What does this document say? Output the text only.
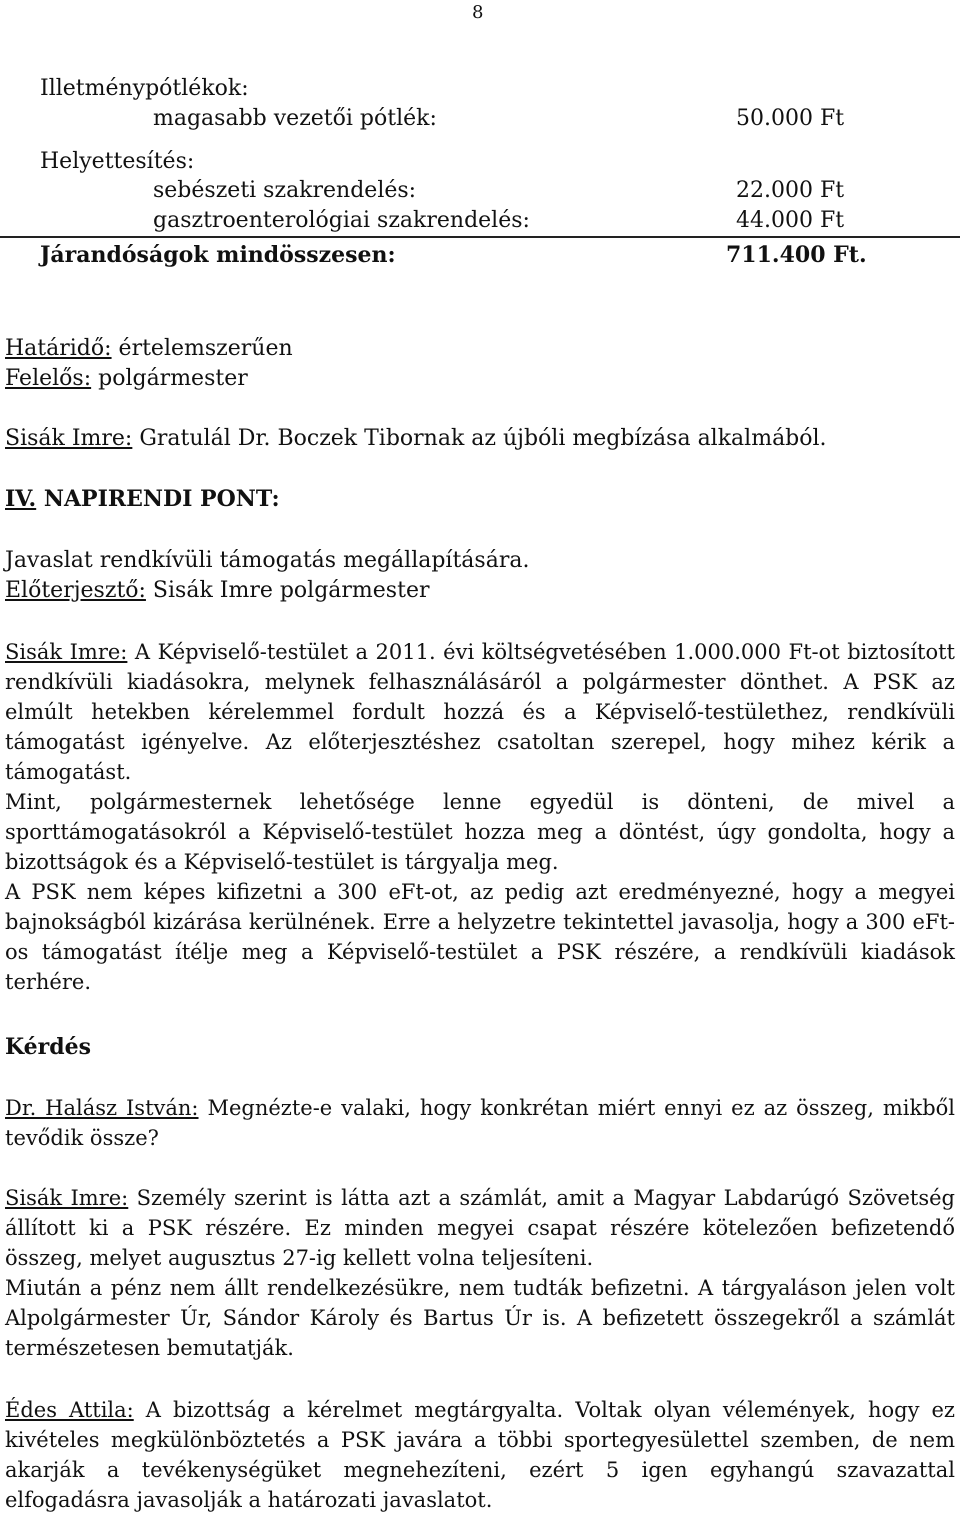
8
Illetménypótlékok:
magasabb vezetői pótlék:	50.000 Ft
Helyettesítés:
sebészeti szakrendelés:	22.000 Ft
gasztroenterológiai szakrendelés:	44.000 Ft
Járandóságok mindösszesen:	711.400 Ft.
Határidő: értelemszerűen
Felelős: polgármester
Sisák Imre: Gratulál Dr. Boczek Tibornak az újbóli megbízása alkalmából.
IV. NAPIRENDI PONT:
Javaslat rendkívüli támogatás megállapítására.
Előterjesztő: Sisák Imre polgármester

Sisák Imre: A Képviselő-testület a 2011. évi költségvetésében 1.000.000 Ft-ot biztosított rendkívüli kiadásokra, melynek felhasználásáról a polgármester dönthet. A PSK az elmúlt hetekben kérelemmel fordult hozzá és a Képviselő-testülethez, rendkívüli támogatást igényelve. Az előterjesztéshez csatoltan szerepel, hogy mihez kérik a támogatást.

Mint, polgármesternek lehetősége lenne egyedül is dönteni, de mivel a sporttámogatásokról a Képviselő-testület hozza meg a döntést, úgy gondolta, hogy a bizottságok és a Képviselő-testület is tárgyalja meg.

A PSK nem képes kifizetni a 300 eFt-ot, az pedig azt eredményezné, hogy a megyei bajnokságból kizárása kerülnének. Erre a helyzetre tekintettel javasolja, hogy a 300 eFt-os támogatást ítélje meg a Képviselő-testület a PSK részére, a rendkívüli kiadások terhére.

Kérdés

Dr. Halász István: Megnézte-e valaki, hogy konkrétan miért ennyi ez az összeg, mikből tevődik össze?

Sisák Imre: Személy szerint is látta azt a számlát, amit a Magyar Labdarúgó Szövetség állított ki a PSK részére. Ez minden megyei csapat részére kötelezően befizetendő összeg, melyet augusztus 27-ig kellett volna teljesíteni.

Miután a pénz nem állt rendelkezésükre, nem tudták befizetni. A tárgyaláson jelen volt Alpolgármester Úr, Sándor Károly és Bartus Úr is. A befizetett összegekről a számlát természetesen bemutatják.

Édes Attila: A bizottság a kérelmet megtárgyalta. Voltak olyan vélemények, hogy ez kivételes megkülönböztetés a PSK javára a többi sportegyesülettel szemben, de nem akarják a tevékenységüket megnehezíteni, ezért 5 igen egyhangú szavazattal elfogadásra javasolják a határozati javaslatot.
